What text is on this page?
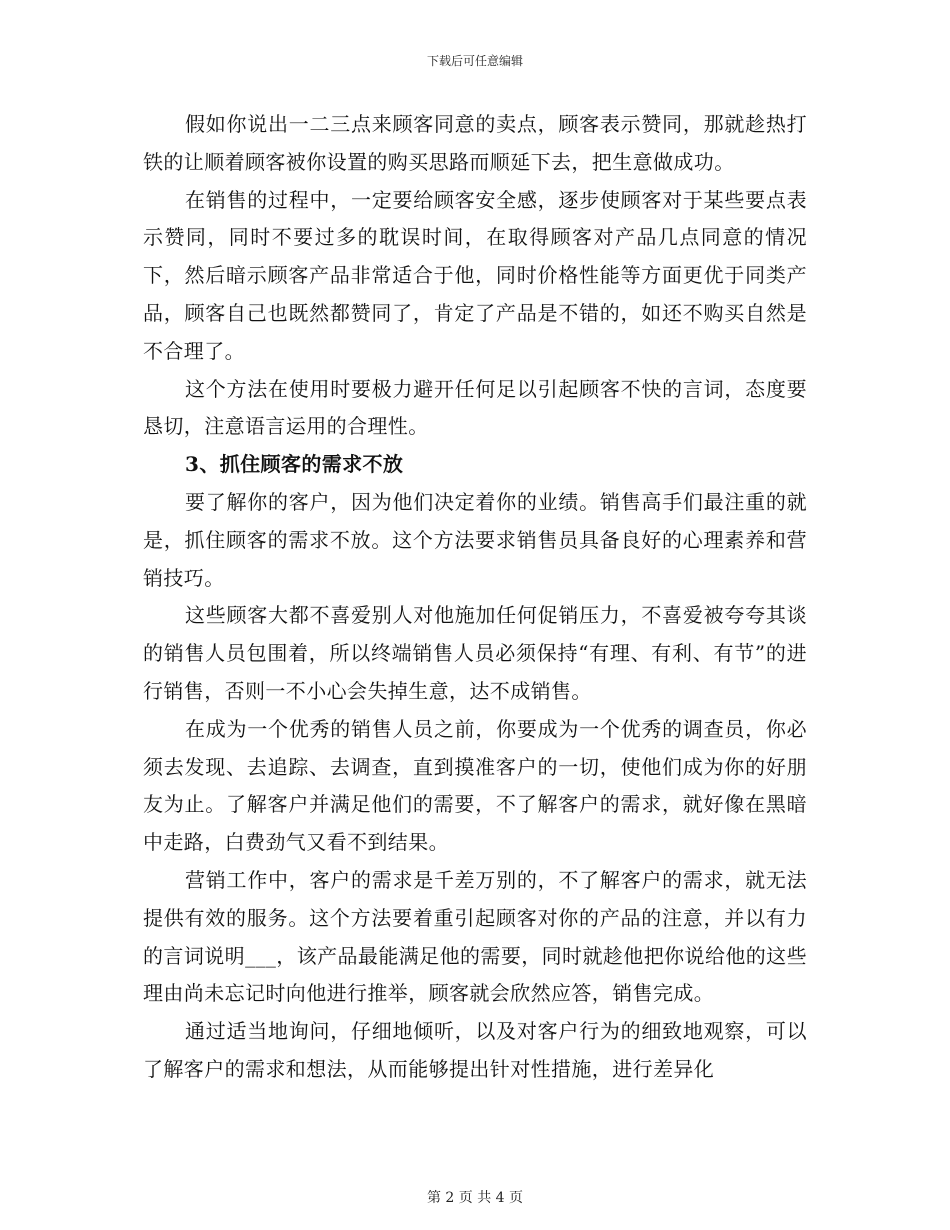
下载后可任意编辑

假如你说出一二三点来顾客同意的卖点，顾客表示赞同，那就趁热打铁的让顺着顾客被你设置的购买思路而顺延下去，把生意做成功。

在销售的过程中，一定要给顾客安全感，逐步使顾客对于某些要点表示赞同，同时不要过多的耽误时间，在取得顾客对产品几点同意的情况下，然后暗示顾客产品非常适合于他，同时价格性能等方面更优于同类产品，顾客自己也既然都赞同了，肯定了产品是不错的，如还不购买自然是不合理了。

这个方法在使用时要极力避开任何足以引起顾客不快的言词，态度要恳切，注意语言运用的合理性。

3、抓住顾客的需求不放

要了解你的客户，因为他们决定着你的业绩。销售高手们最注重的就是，抓住顾客的需求不放。这个方法要求销售员具备良好的心理素养和营销技巧。

这些顾客大都不喜爱别人对他施加任何促销压力，不喜爱被夸夸其谈的销售人员包围着，所以终端销售人员必须保持“有理、有利、有节”的进行销售，否则一不小心会失掉生意，达不成销售。

在成为一个优秀的销售人员之前，你要成为一个优秀的调查员，你必须去发现、去追踪、去调查，直到摸准客户的一切，使他们成为你的好朋友为止。了解客户并满足他们的需要，不了解客户的需求，就好像在黑暗中走路，白费劲气又看不到结果。

营销工作中，客户的需求是千差万别的，不了解客户的需求，就无法提供有效的服务。这个方法要着重引起顾客对你的产品的注意，并以有力的言词说明___，该产品最能满足他的需要，同时就趁他把你说给他的这些理由尚未忘记时向他进行推举，顾客就会欣然应答，销售完成。

通过适当地询问，仔细地倾听，以及对客户行为的细致地观察，可以了解客户的需求和想法，从而能够提出针对性措施，进行差异化

第 2 页 共 4 页
